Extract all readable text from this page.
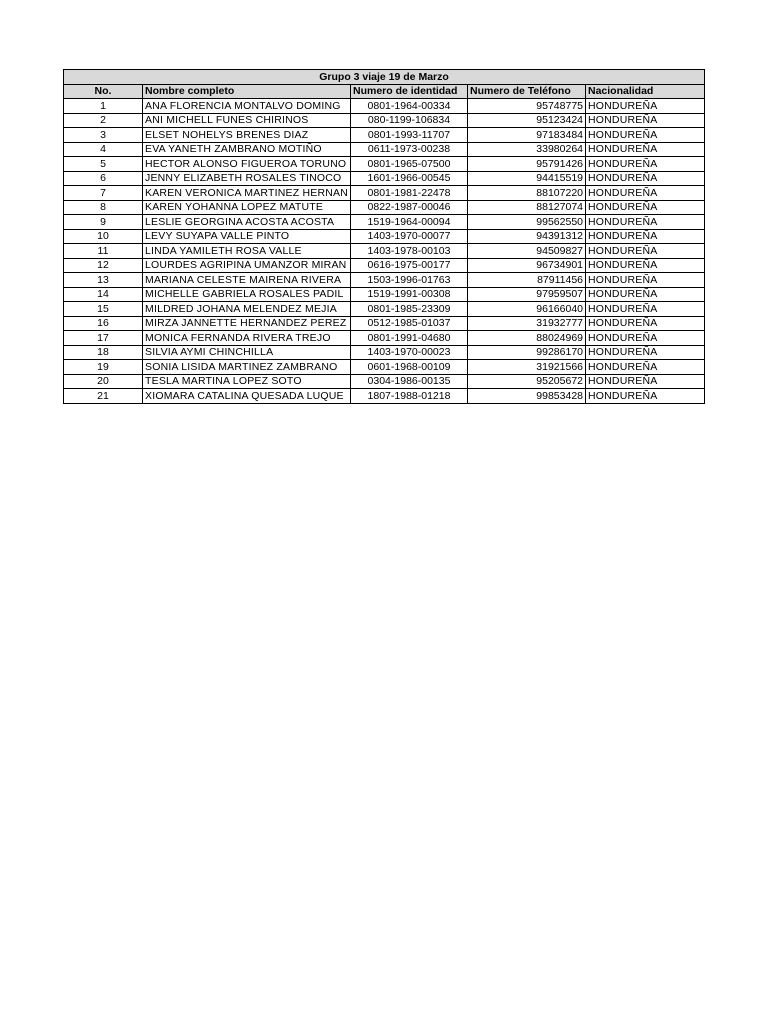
Grupo 3 viaje 19 de Marzo				
No.	Nombre completo	Numero de identidad	Numero de Teléfono	Nacionalidad
1	ANA FLORENCIA MONTALVO DOMING	0801-1964-00334	95748775	HONDUREÑA
2	ANI MICHELL FUNES CHIRINOS	080-1199-106834	95123424	HONDUREÑA
3	ELSET NOHELYS BRENES DIAZ	0801-1993-11707	97183484	HONDUREÑA
4	EVA YANETH ZAMBRANO MOTIÑO	0611-1973-00238	33980264	HONDUREÑA
5	HECTOR ALONSO FIGUEROA TORUNO	0801-1965-07500	95791426	HONDUREÑA
6	JENNY ELIZABETH ROSALES TINOCO	1601-1966-00545	94415519	HONDUREÑA
7	KAREN VERONICA MARTINEZ HERNAN	0801-1981-22478	88107220	HONDUREÑA
8	KAREN YOHANNA LOPEZ MATUTE	0822-1987-00046	88127074	HONDUREÑA
9	LESLIE GEORGINA ACOSTA ACOSTA	1519-1964-00094	99562550	HONDUREÑA
10	LEVY SUYAPA VALLE PINTO	1403-1970-00077	94391312	HONDUREÑA
11	LINDA YAMILETH ROSA VALLE	1403-1978-00103	94509827	HONDUREÑA
12	LOURDES AGRIPINA UMANZOR MIRAN	0616-1975-00177	96734901	HONDUREÑA
13	MARIANA CELESTE MAIRENA RIVERA	1503-1996-01763	87911456	HONDUREÑA
14	MICHELLE GABRIELA ROSALES PADIL	1519-1991-00308	97959507	HONDUREÑA
15	MILDRED JOHANA MELENDEZ MEJIA	0801-1985-23309	96166040	HONDUREÑA
16	MIRZA JANNETTE HERNANDEZ PEREZ	0512-1985-01037	31932777	HONDUREÑA
17	MONICA FERNANDA RIVERA TREJO	0801-1991-04680	88024969	HONDUREÑA
18	SILVIA AYMI CHINCHILLA	1403-1970-00023	99286170	HONDUREÑA
19	SONIA LISIDA MARTINEZ ZAMBRANO	0601-1968-00109	31921566	HONDUREÑA
20	TESLA MARTINA LOPEZ SOTO	0304-1986-00135	95205672	HONDUREÑA
21	XIOMARA CATALINA QUESADA LUQUE	1807-1988-01218	99853428	HONDUREÑA
